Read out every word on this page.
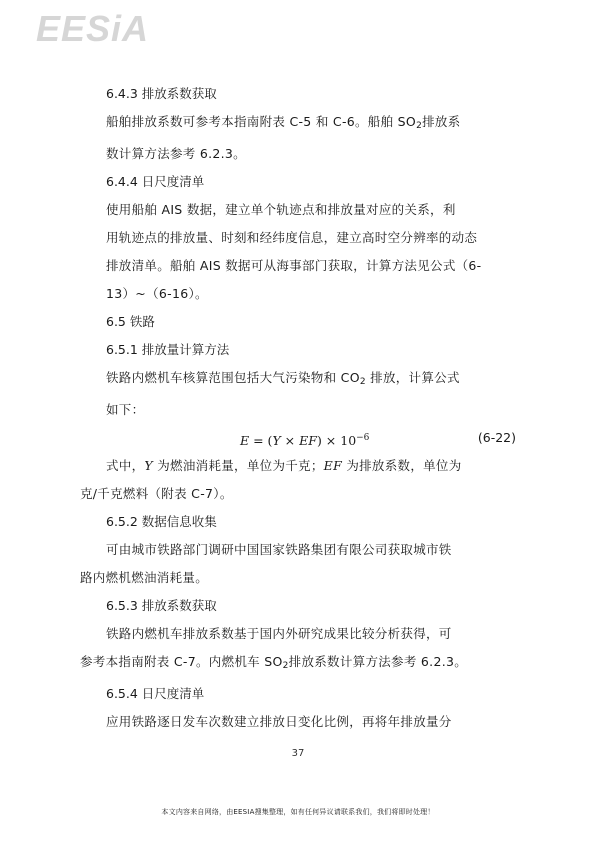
EESiA
6.4.3 排放系数获取
船舶排放系数可参考本指南附表 C-5 和 C-6。船舶 $SO_2$排放系
数计算方法参考 6.2.3。
6.4.4 日尺度清单
使用船舶 AIS 数据，建立单个轨迹点和排放量对应的关系，利
用轨迹点的排放量、时刻和经纬度信息，建立高时空分辨率的动态
排放清单。船舶 AIS 数据可从海事部门获取，计算方法见公式（6-
13）~（6-16）。
6.5 铁路
6.5.1 排放量计算方法
铁路内燃机车核算范围包括大气污染物和 $CO_2$ 排放，计算公式
如下：
$E = (Y \times EF) \times 10^{-6}$	(6-22)
式中，Y 为燃油消耗量，单位为千克；EF 为排放系数，单位为
克/千克燃料（附表 C-7）。
6.5.2 数据信息收集
可由城市铁路部门调研中国国家铁路集团有限公司获取城市铁
路内燃机燃油消耗量。
6.5.3 排放系数获取
铁路内燃机车排放系数基于国内外研究成果比较分析获得，可
参考本指南附表 C-7。内燃机车 $SO_2$排放系数计算方法参考 6.2.3。
6.5.4 日尺度清单
应用铁路逐日发车次数建立排放日变化比例，再将年排放量分
37
本文内容来自网络，由EESIA搜集整理，如有任何异议请联系我们，我们将即时处理！
